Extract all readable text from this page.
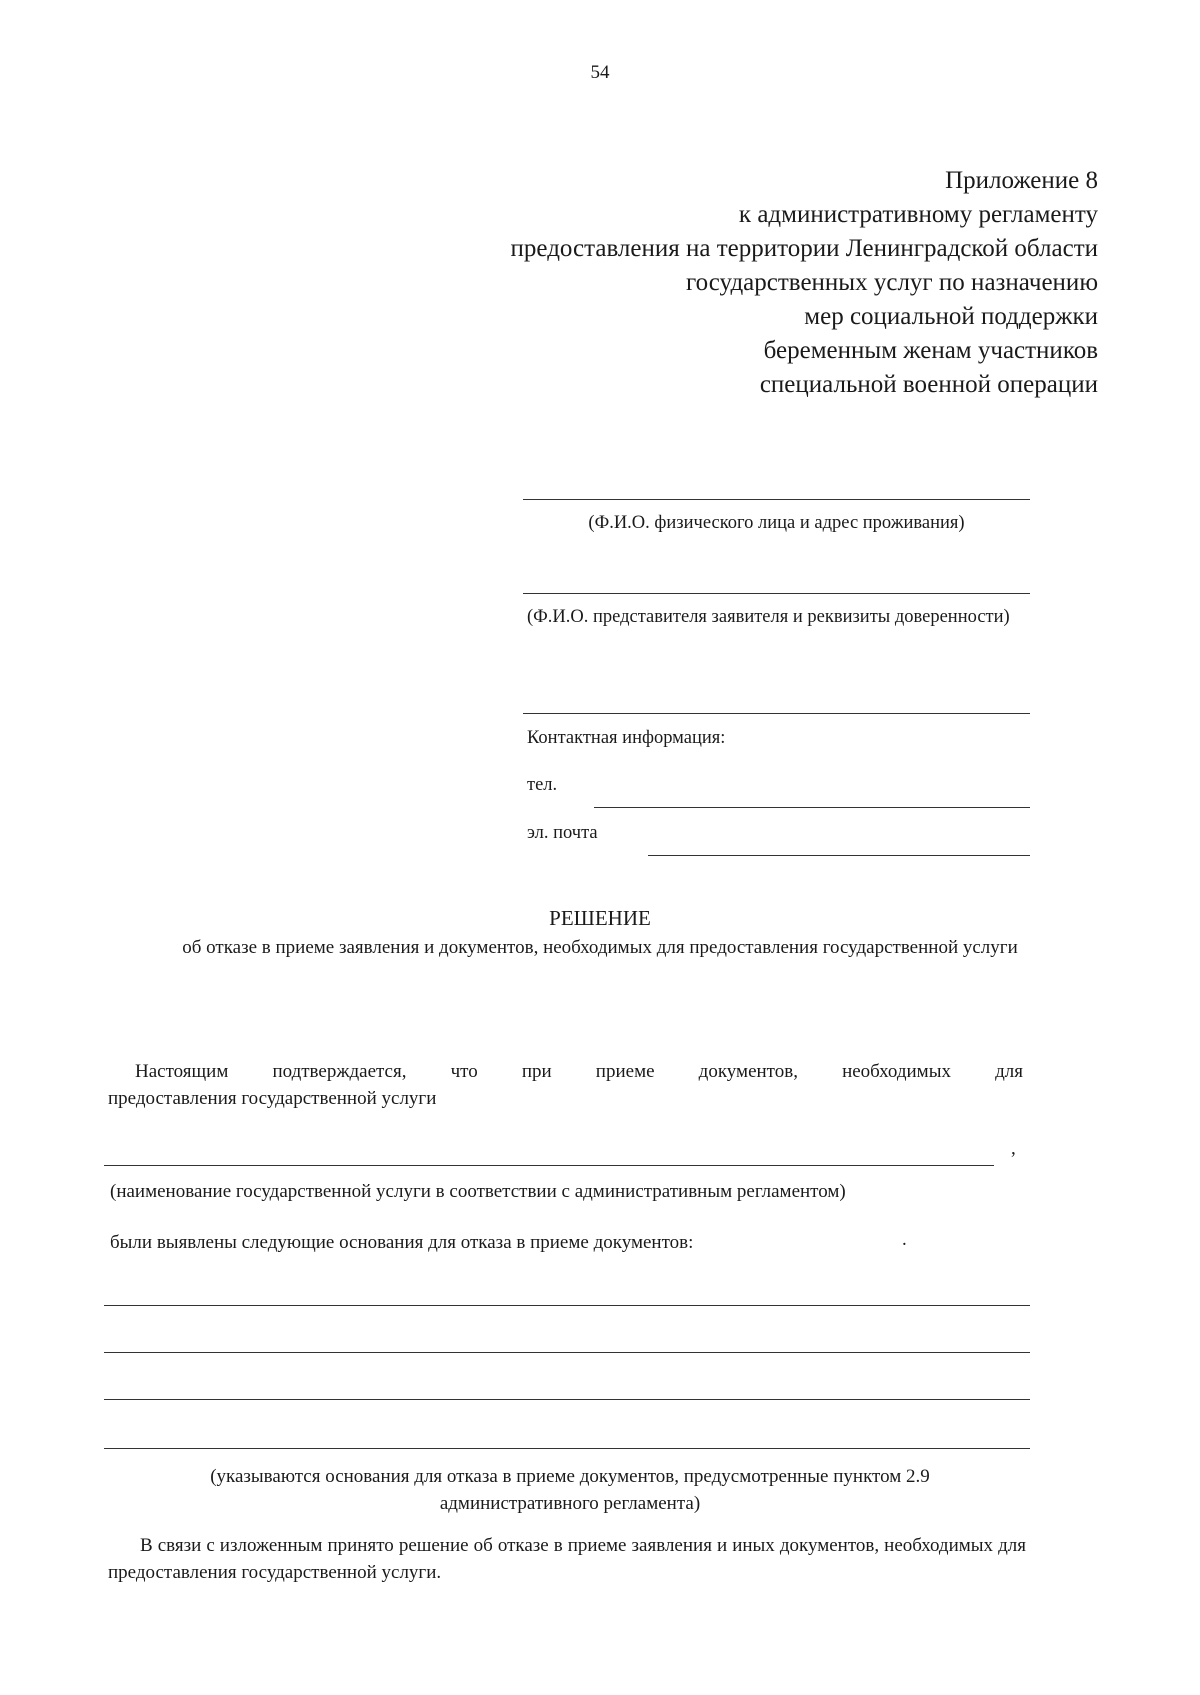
54
Приложение 8
к административному регламенту
предоставления на территории Ленинградской области
государственных услуг по назначению
мер социальной поддержки
беременным женам участников
специальной военной операции
(Ф.И.О. физического лица и адрес проживания)
(Ф.И.О. представителя заявителя и реквизиты доверенности)
Контактная информация:
тел.
эл. почта
РЕШЕНИЕ
об отказе в приеме заявления и документов, необходимых для предоставления государственной услуги
Настоящим подтверждается, что при приеме документов, необходимых для
предоставления государственной услуги
,
(наименование государственной услуги в соответствии с административным регламентом)
были выявлены следующие основания для отказа в приеме документов:	.
(указываются основания для отказа в приеме документов, предусмотренные пунктом 2.9 административного регламента)
В связи с изложенным принято решение об отказе в приеме заявления и иных документов, необходимых для предоставления государственной услуги.
